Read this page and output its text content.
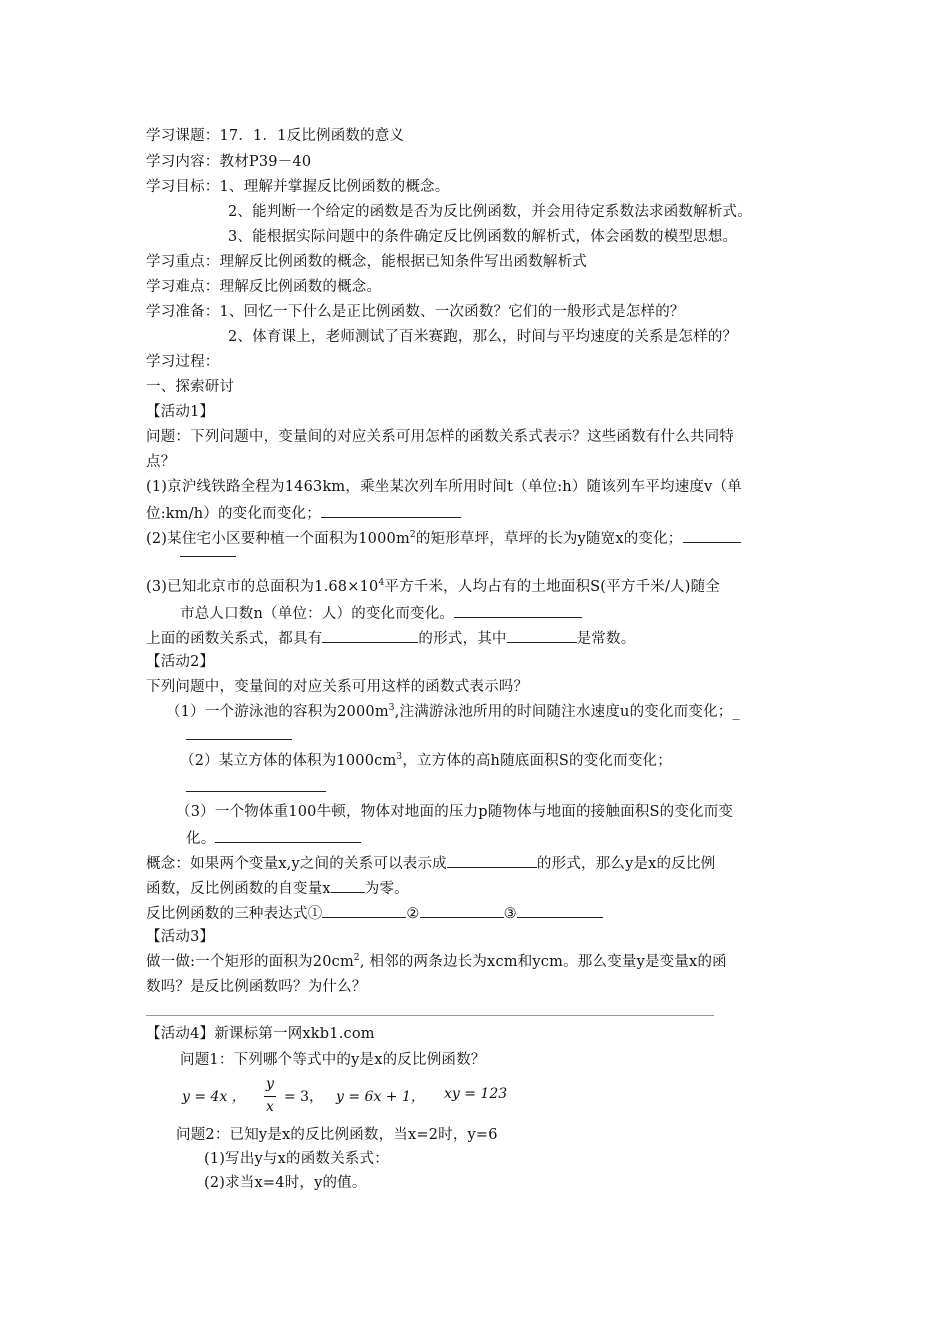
学习课题：17．1．1反比例函数的意义
学习内容：教材P39－40
学习目标：1、理解并掌握反比例函数的概念。
2、能判断一个给定的函数是否为反比例函数，并会用待定系数法求函数解析式。
3、能根据实际问题中的条件确定反比例函数的解析式，体会函数的模型思想。
学习重点：理解反比例函数的概念，能根据已知条件写出函数解析式
学习难点：理解反比例函数的概念。
学习准备：1、回忆一下什么是正比例函数、一次函数？它们的一般形式是怎样的？
2、体育课上，老师测试了百米赛跑，那么，时间与平均速度的关系是怎样的？
学习过程：
一、探索研讨
【活动1】
问题：下列问题中，变量间的对应关系可用怎样的函数关系式表示？这些函数有什么共同特
点？
(1)京沪线铁路全程为1463km，乘坐某次列车所用时间t（单位:h）随该列车平均速度v（单
位:km/h）的变化而变化；
(2)某住宅小区要种植一个面积为$1000m^2$的矩形草坪，草坪的长为y随宽x的变化；
(3)已知北京市的总面积为$1.68\times 10^4$平方千米，人均占有的土地面积S(平方千米/人)随全
市总人口数n（单位：人）的变化而变化。
上面的函数关系式，都具有	的形式，其中	是常数。
【活动2】
下列问题中，变量间的对应关系可用这样的函数式表示吗？
（1）一个游泳池的容积为$2000m^3$,注满游泳池所用的时间随注水速度u的变化而变化；_
（2）某立方体的体积为$1000cm^3$，立方体的高h随底面积S的变化而变化；
（3）一个物体重100牛顿，物体对地面的压力p随物体与地面的接触面积S的变化而变
化。
概念：如果两个变量x,y之间的关系可以表示成	的形式，那么y是x的反比例
函数，反比例函数的自变量x 为零。
反比例函数的三种表达式①	②	③
【活动3】
做一做:一个矩形的面积为$20cm^2$, 相邻的两条边长为xcm和ycm。那么变量y是变量x的函
数吗？是反比例函数吗？为什么？
【活动4】新课标第一网xkb1.com
问题1：下列哪个等式中的y是x的反比例函数？
y = 4x ，
y
x
= 3， y = 6x + 1， xy = 123
问题2：已知y是x的反比例函数，当x=2时，y=6
(1)写出y与x的函数关系式：
(2)求当x=4时，y的值。
